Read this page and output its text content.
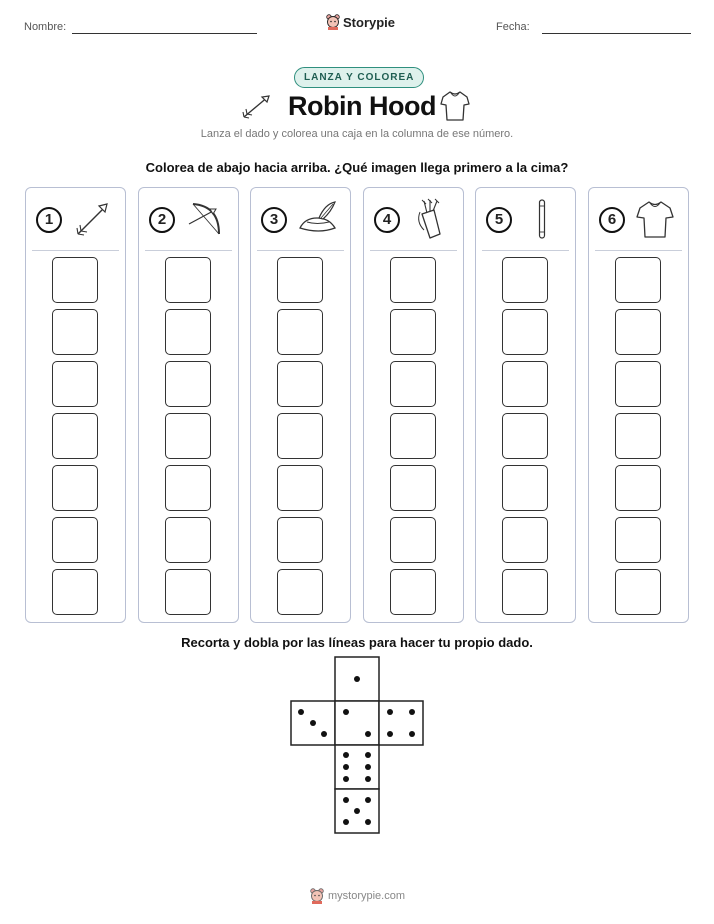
Nombre:	Storypie	Fecha:
LANZA Y COLOREA
Robin Hood
Lanza el dado y colorea una caja en la columna de ese número.
Colorea de abajo hacia arriba. ¿Qué imagen llega primero a la cima?
1	2	3	4	5	6
Recorta y dobla por las líneas para hacer tu propio dado.
mystorypie.com
